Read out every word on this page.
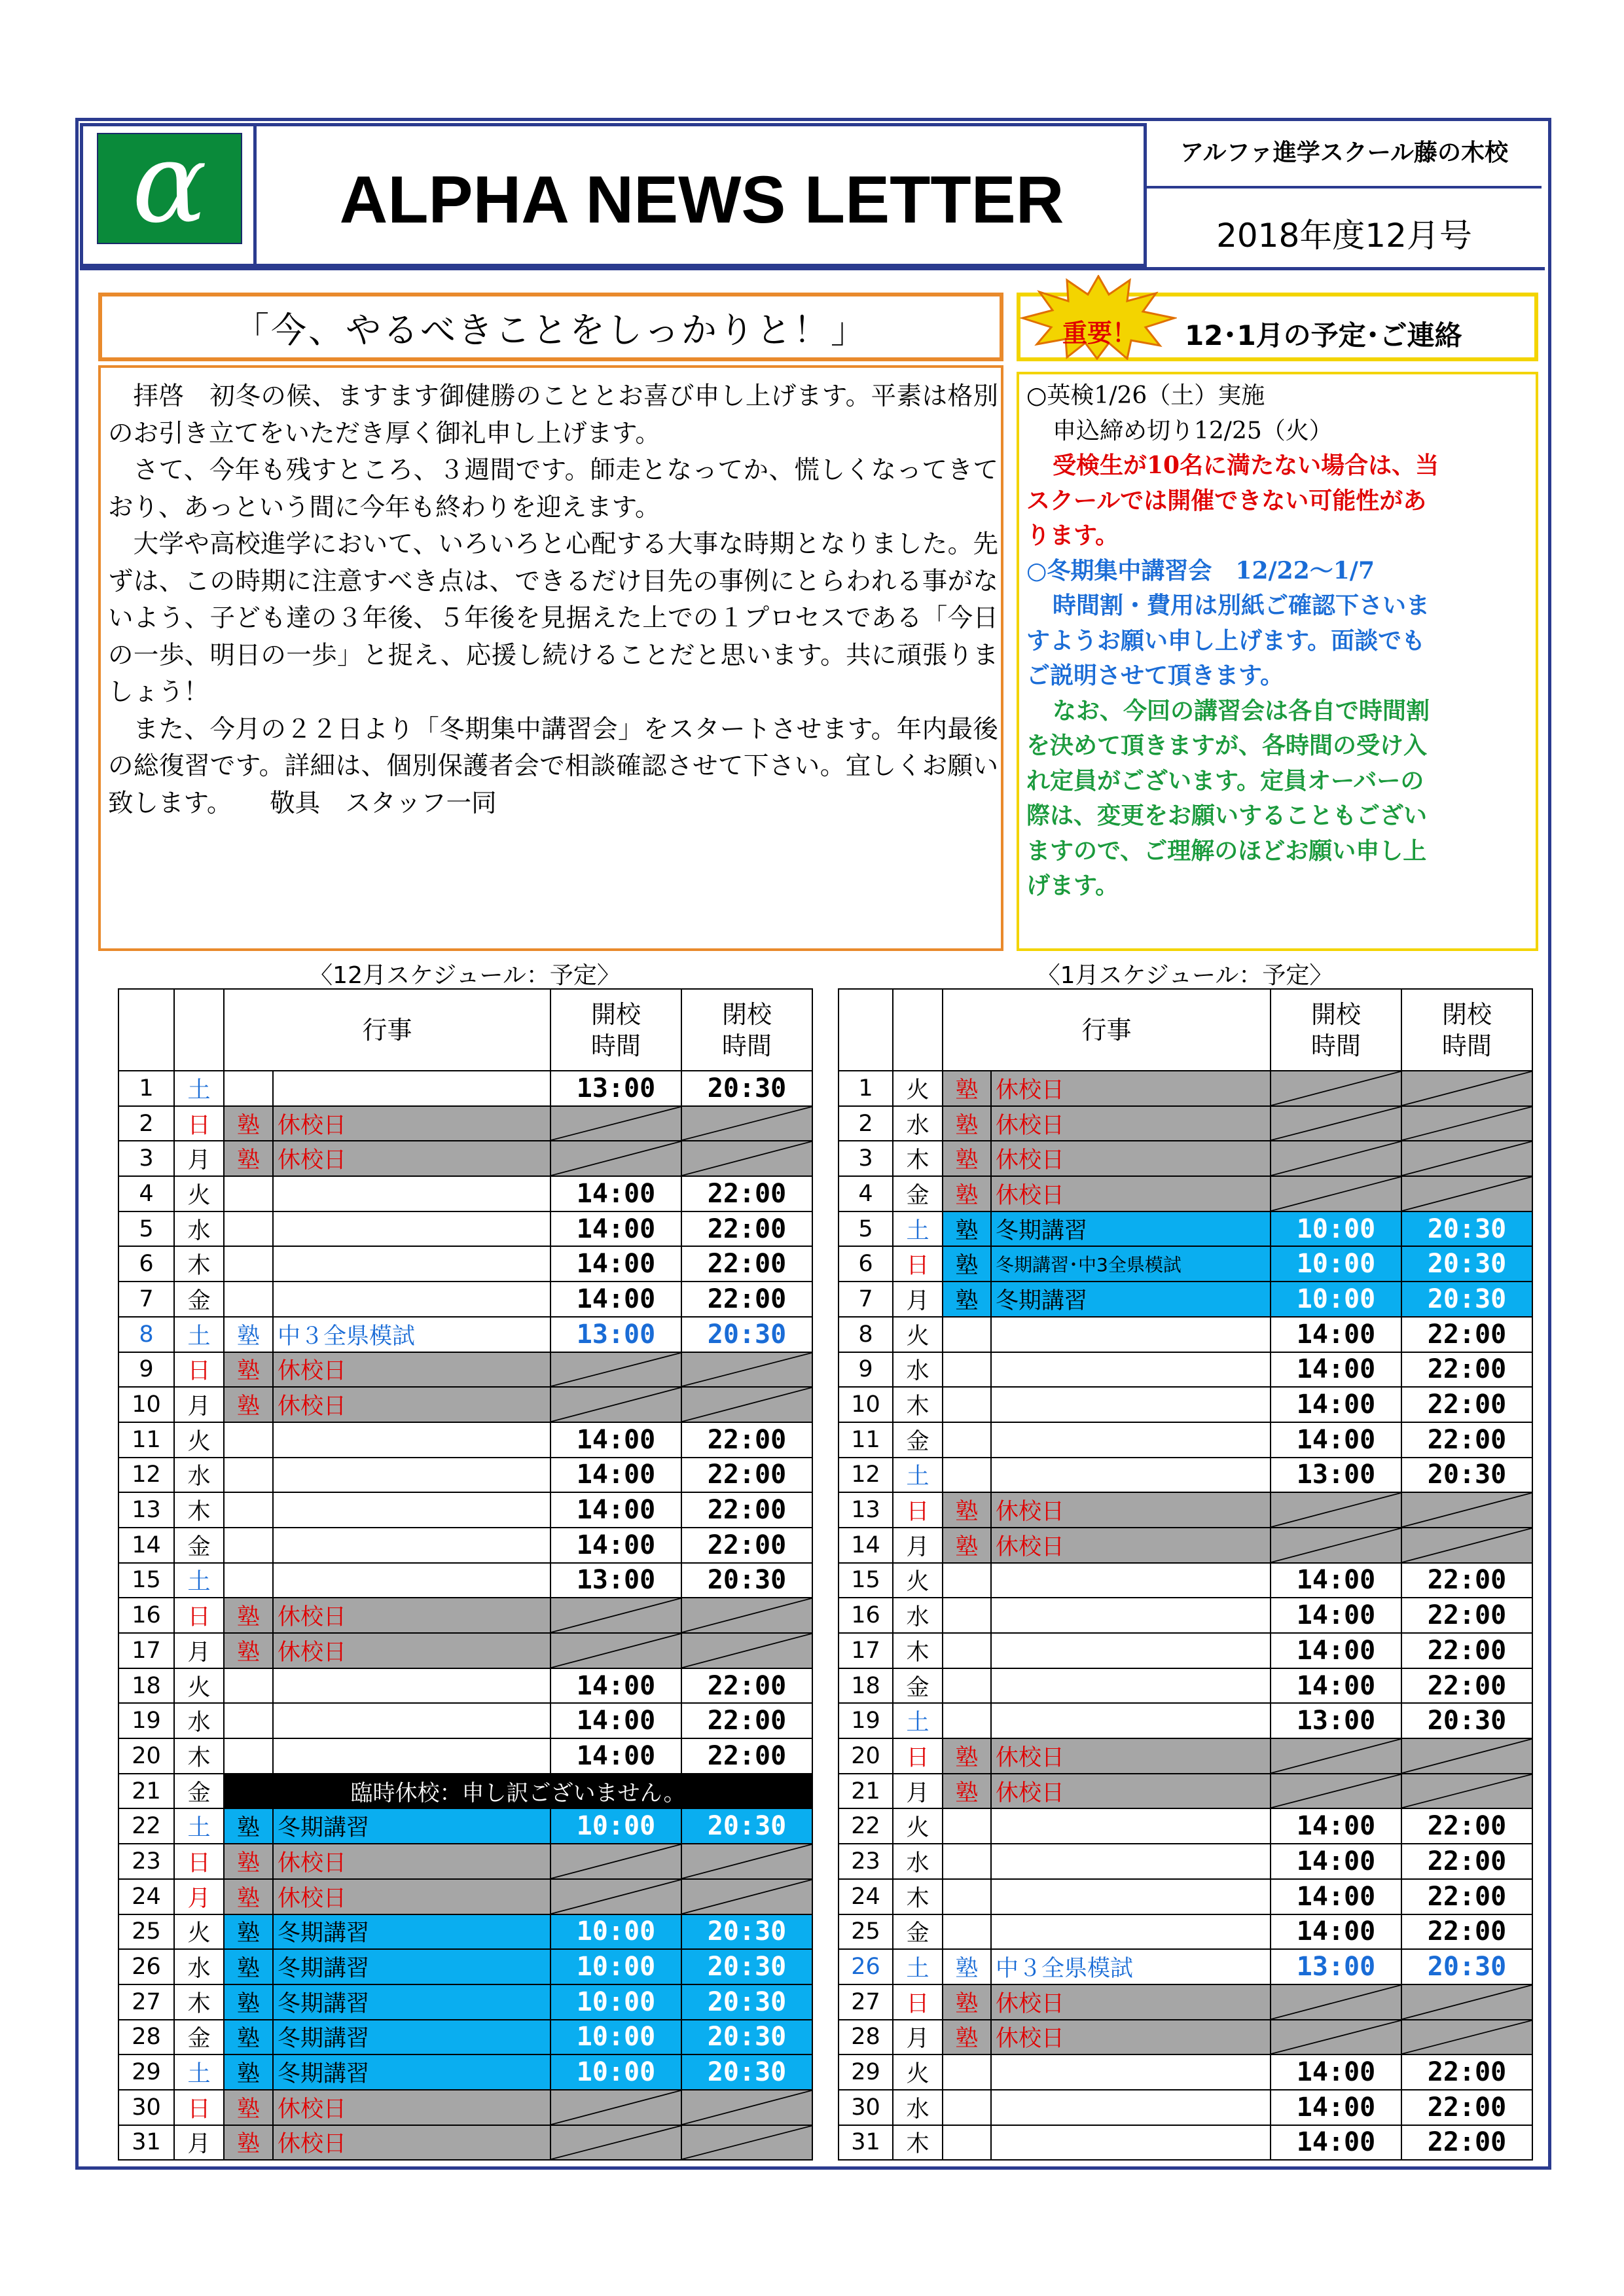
α	ALPHA NEWS LETTER
アルファ進学スクール藤の木校
2018年度12月号
「今、やるべきことをしっかりと！」

拝啓　初冬の候、ますます御健勝のこととお喜び申し上げます。平素は格別のお引き立てをいただき厚く御礼申し上げます。

さて、今年も残すところ、３週間です。師走となってか、慌しくなってきており、あっという間に今年も終わりを迎えます。

大学や高校進学において、いろいろと心配する大事な時期となりました。先ずは、この時期に注意すべき点は、できるだけ目先の事例にとらわれる事がないよう、子ども達の３年後、５年後を見据えた上での１プロセスである「今日の一歩、明日の一歩」と捉え、応援し続けることだと思います。共に頑張りましょう！

また、今月の２２日より「冬期集中講習会」をスタートさせます。年内最後の総復習です。詳細は、個別保護者会で相談確認させて下さい。宜しくお願い致します。　　敬具　スタッフ一同

重要！	12･1月の予定･ご連絡
○英検1/26（土）実施
申込締め切り12/25（火）
受検生が10名に満たない場合は、当
スクールでは開催できない可能性があ
ります。
○冬期集中講習会　12/22～1/7
時間割・費用は別紙ご確認下さいま
すようお願い申し上げます。面談でも
ご説明させて頂きます。
なお、今回の講習会は各自で時間割
を決めて頂きますが、各時間の受け入
れ定員がございます。定員オーバーの
際は、変更をお願いすることもござい
ますので、ご理解のほどお願い申し上
げます。
〈12月スケジュール：予定〉	〈1月スケジュール：予定〉
		行事		開校
時間	閉校
時間
1	土			13:00	20:30
2	日	塾	休校日		
3	月	塾	休校日		
4	火			14:00	22:00
5	水			14:00	22:00
6	木			14:00	22:00
7	金			14:00	22:00
8	土	塾	中３全県模試	13:00	20:30
9	日	塾	休校日		
10	月	塾	休校日		
11	火			14:00	22:00
12	水			14:00	22:00
13	木			14:00	22:00
14	金			14:00	22:00
15	土			13:00	20:30
16	日	塾	休校日		
17	月	塾	休校日		
18	火			14:00	22:00
19	水			14:00	22:00
20	木			14:00	22:00
21	金	臨時休校：申し訳ございません。			
22	土	塾	冬期講習	10:00	20:30
23	日	塾	休校日		
24	月	塾	休校日		
25	火	塾	冬期講習	10:00	20:30
26	水	塾	冬期講習	10:00	20:30
27	木	塾	冬期講習	10:00	20:30
28	金	塾	冬期講習	10:00	20:30
29	土	塾	冬期講習	10:00	20:30
30	日	塾	休校日		
31	月	塾	休校日		
		行事		開校
時間	閉校
時間
1	火	塾	休校日		
2	水	塾	休校日		
3	木	塾	休校日		
4	金	塾	休校日		
5	土	塾	冬期講習	10:00	20:30
6	日	塾	冬期講習･中3全県模試	10:00	20:30
7	月	塾	冬期講習	10:00	20:30
8	火			14:00	22:00
9	水			14:00	22:00
10	木			14:00	22:00
11	金			14:00	22:00
12	土			13:00	20:30
13	日	塾	休校日		
14	月	塾	休校日		
15	火			14:00	22:00
16	水			14:00	22:00
17	木			14:00	22:00
18	金			14:00	22:00
19	土			13:00	20:30
20	日	塾	休校日		
21	月	塾	休校日		
22	火			14:00	22:00
23	水			14:00	22:00
24	木			14:00	22:00
25	金			14:00	22:00
26	土	塾	中３全県模試	13:00	20:30
27	日	塾	休校日		
28	月	塾	休校日		
29	火			14:00	22:00
30	水			14:00	22:00
31	木			14:00	22:00
